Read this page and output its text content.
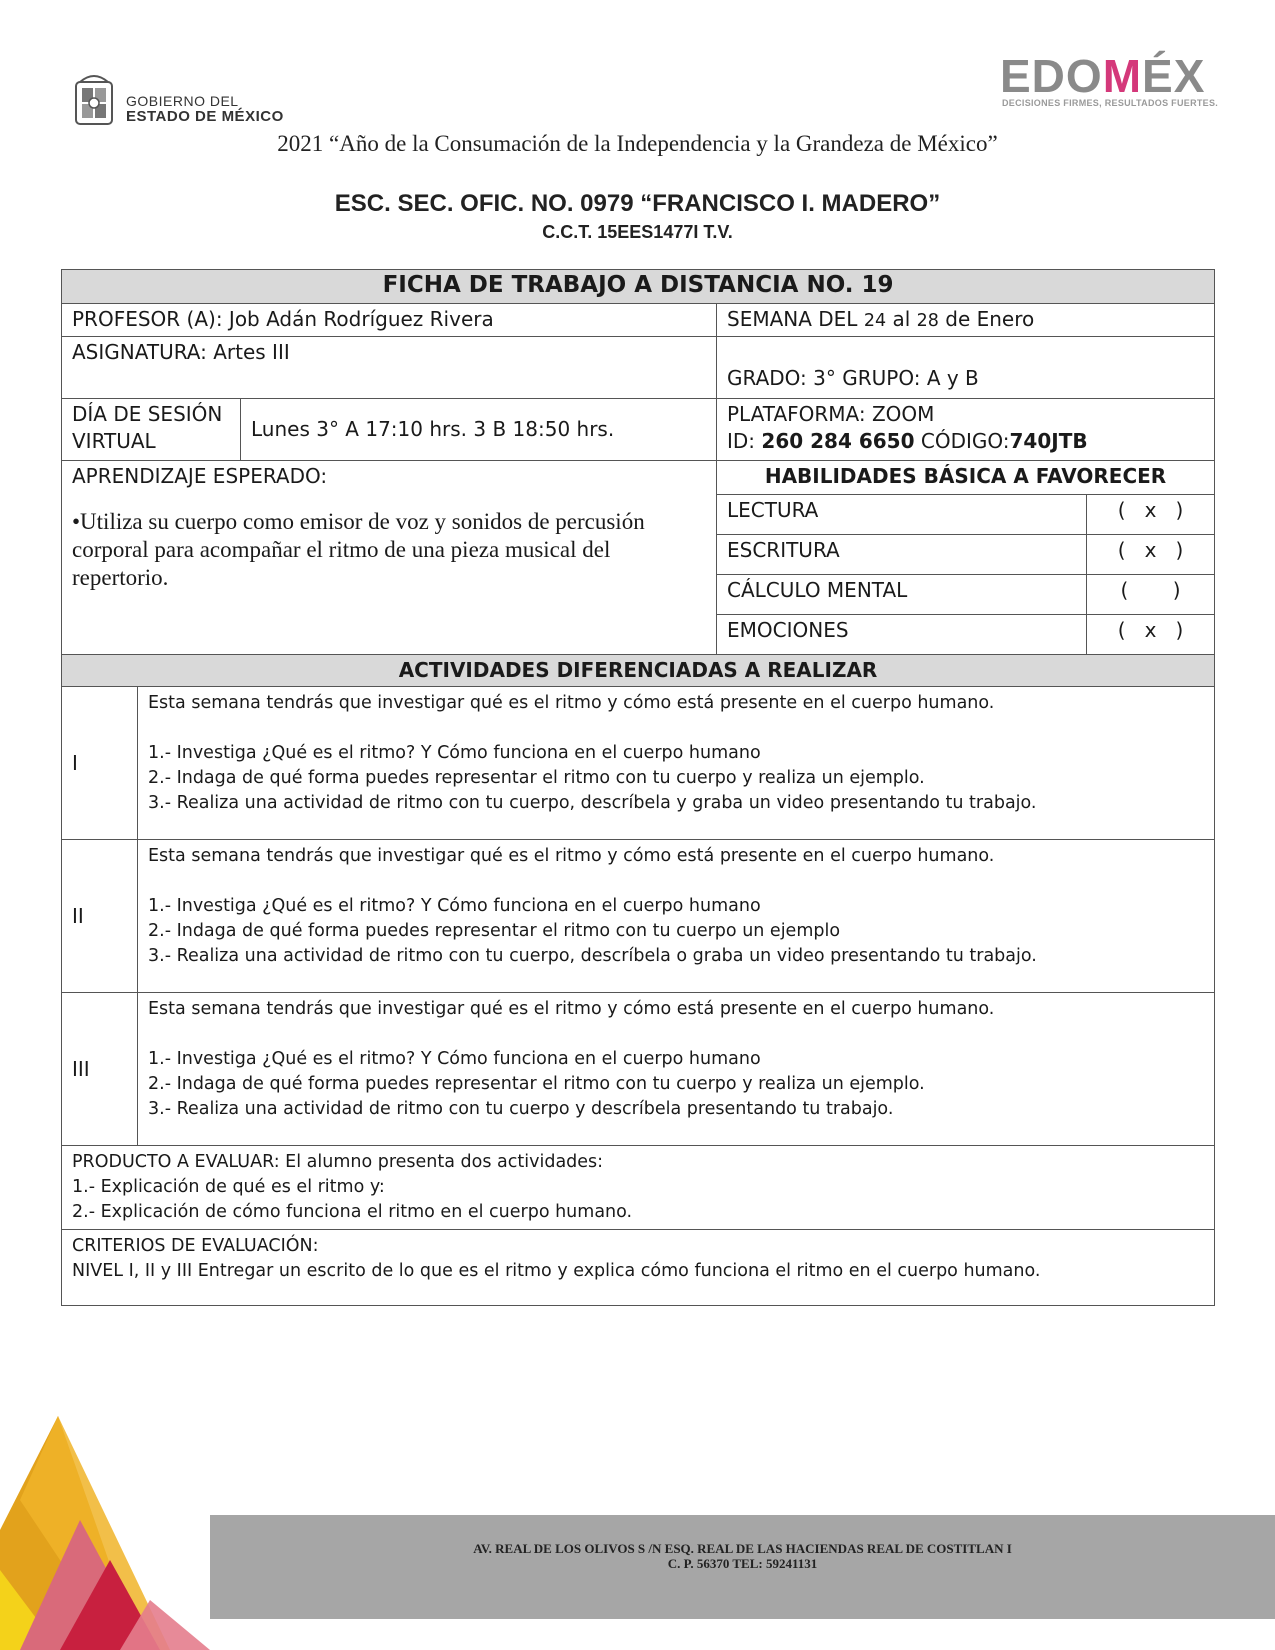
GOBIERNO DEL
ESTADO DE MÉXICO
EDOMÉX
DECISIONES FIRMES, RESULTADOS FUERTES.
2021 “Año de la Consumación de la Independencia y la Grandeza de México”
ESC. SEC. OFIC. NO. 0979 “FRANCISCO I. MADERO”
C.C.T. 15EES1477I T.V.
FICHA DE TRABAJO A DISTANCIA NO. 19				
PROFESOR (A): Job Adán Rodríguez Rivera			SEMANA DEL 24 al 28 de Enero	
ASIGNATURA: Artes III			GRADO: 3° GRUPO: A y B	
DÍA DE SESIÓN VIRTUAL		Lunes 3° A 17:10 hrs. 3 B 18:50 hrs.	PLATAFORMA: ZOOM
ID: 260 284 6650 CÓDIGO:740JTB	

APRENDIZAJE ESPERADO:
•Utiliza su cuerpo como emisor de voz y sonidos de percusión corporal para acompañar el ritmo de una pieza musical del repertorio.			HABILIDADES BÁSICA A FAVORECER	
			LECTURA	(   x   )
			ESCRITURA	(   x   )
			CÁLCULO MENTAL	(       )
			EMOCIONES	(   x   )
ACTIVIDADES DIFERENCIADAS A REALIZAR				
I	Esta semana tendrás que investigar qué es el ritmo y cómo está presente en el cuerpo humano.

1.- Investiga ¿Qué es el ritmo? Y Cómo funciona en el cuerpo humano

2.- Indaga de qué forma puedes representar el ritmo con tu cuerpo y realiza un ejemplo.

3.- Realiza una actividad de ritmo con tu cuerpo, descríbela y graba un video presentando tu trabajo.			

II	Esta semana tendrás que investigar qué es el ritmo y cómo está presente en el cuerpo humano.

1.- Investiga ¿Qué es el ritmo? Y Cómo funciona en el cuerpo humano

2.- Indaga de qué forma puedes representar el ritmo con tu cuerpo un ejemplo

3.- Realiza una actividad de ritmo con tu cuerpo, descríbela o graba un video presentando tu trabajo.			

III	Esta semana tendrás que investigar qué es el ritmo y cómo está presente en el cuerpo humano.

1.- Investiga ¿Qué es el ritmo? Y Cómo funciona en el cuerpo humano

2.- Indaga de qué forma puedes representar el ritmo con tu cuerpo y realiza un ejemplo.

3.- Realiza una actividad de ritmo con tu cuerpo y descríbela presentando tu trabajo.			

PRODUCTO A EVALUAR: El alumno presenta dos actividades:

1.- Explicación de qué es el ritmo y:

2.- Explicación de cómo funciona el ritmo en el cuerpo humano.				

CRITERIOS DE EVALUACIÓN:

NIVEL I, II y III Entregar un escrito de lo que es el ritmo y explica cómo funciona el ritmo en el cuerpo humano.				

AV. REAL DE LOS OLIVOS S /N ESQ. REAL DE LAS HACIENDAS REAL DE COSTITLAN I
C. P. 56370 TEL: 59241131
